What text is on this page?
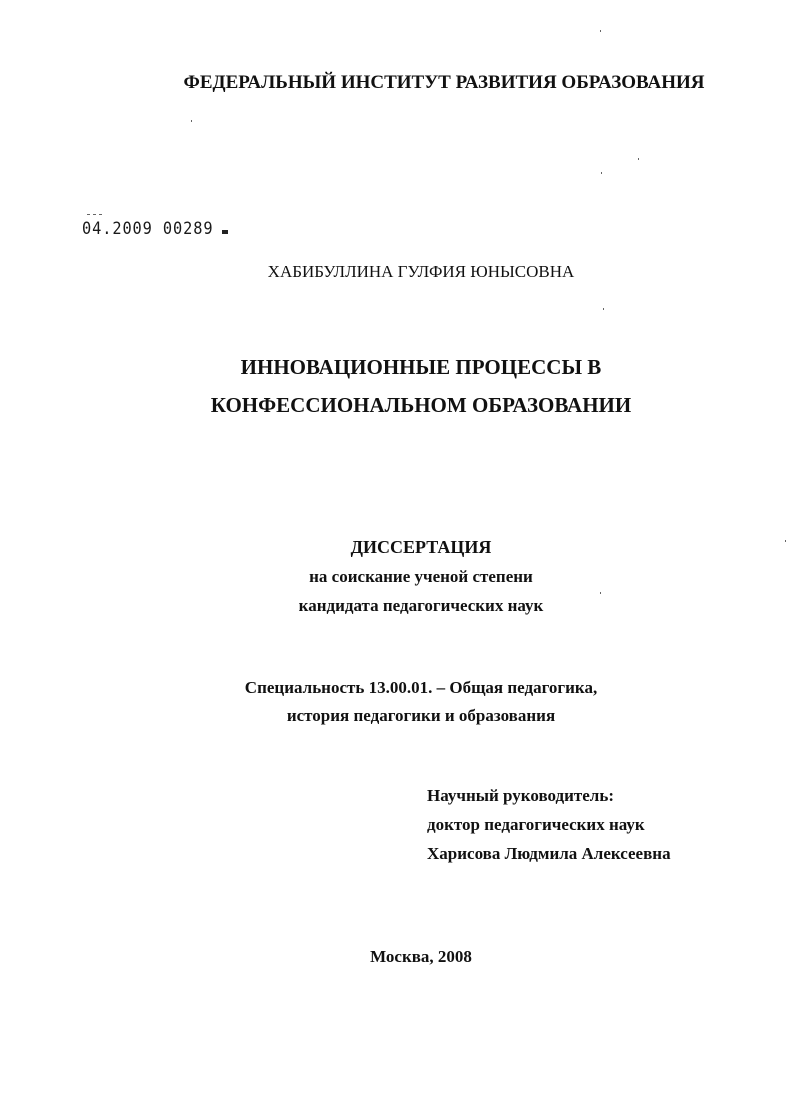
ФЕДЕРАЛЬНЫЙ ИНСТИТУТ РАЗВИТИЯ ОБРАЗОВАНИЯ
04.2009 00289
ХАБИБУЛЛИНА ГУЛФИЯ ЮНЫСОВНА
ИННОВАЦИОННЫЕ ПРОЦЕССЫ В
КОНФЕССИОНАЛЬНОМ ОБРАЗОВАНИИ
ДИССЕРТАЦИЯ
на соискание ученой степени
кандидата педагогических наук
Специальность 13.00.01. – Общая педагогика,
история педагогики и образования
Научный руководитель:
доктор педагогических наук
Харисова Людмила Алексеевна
Москва, 2008
